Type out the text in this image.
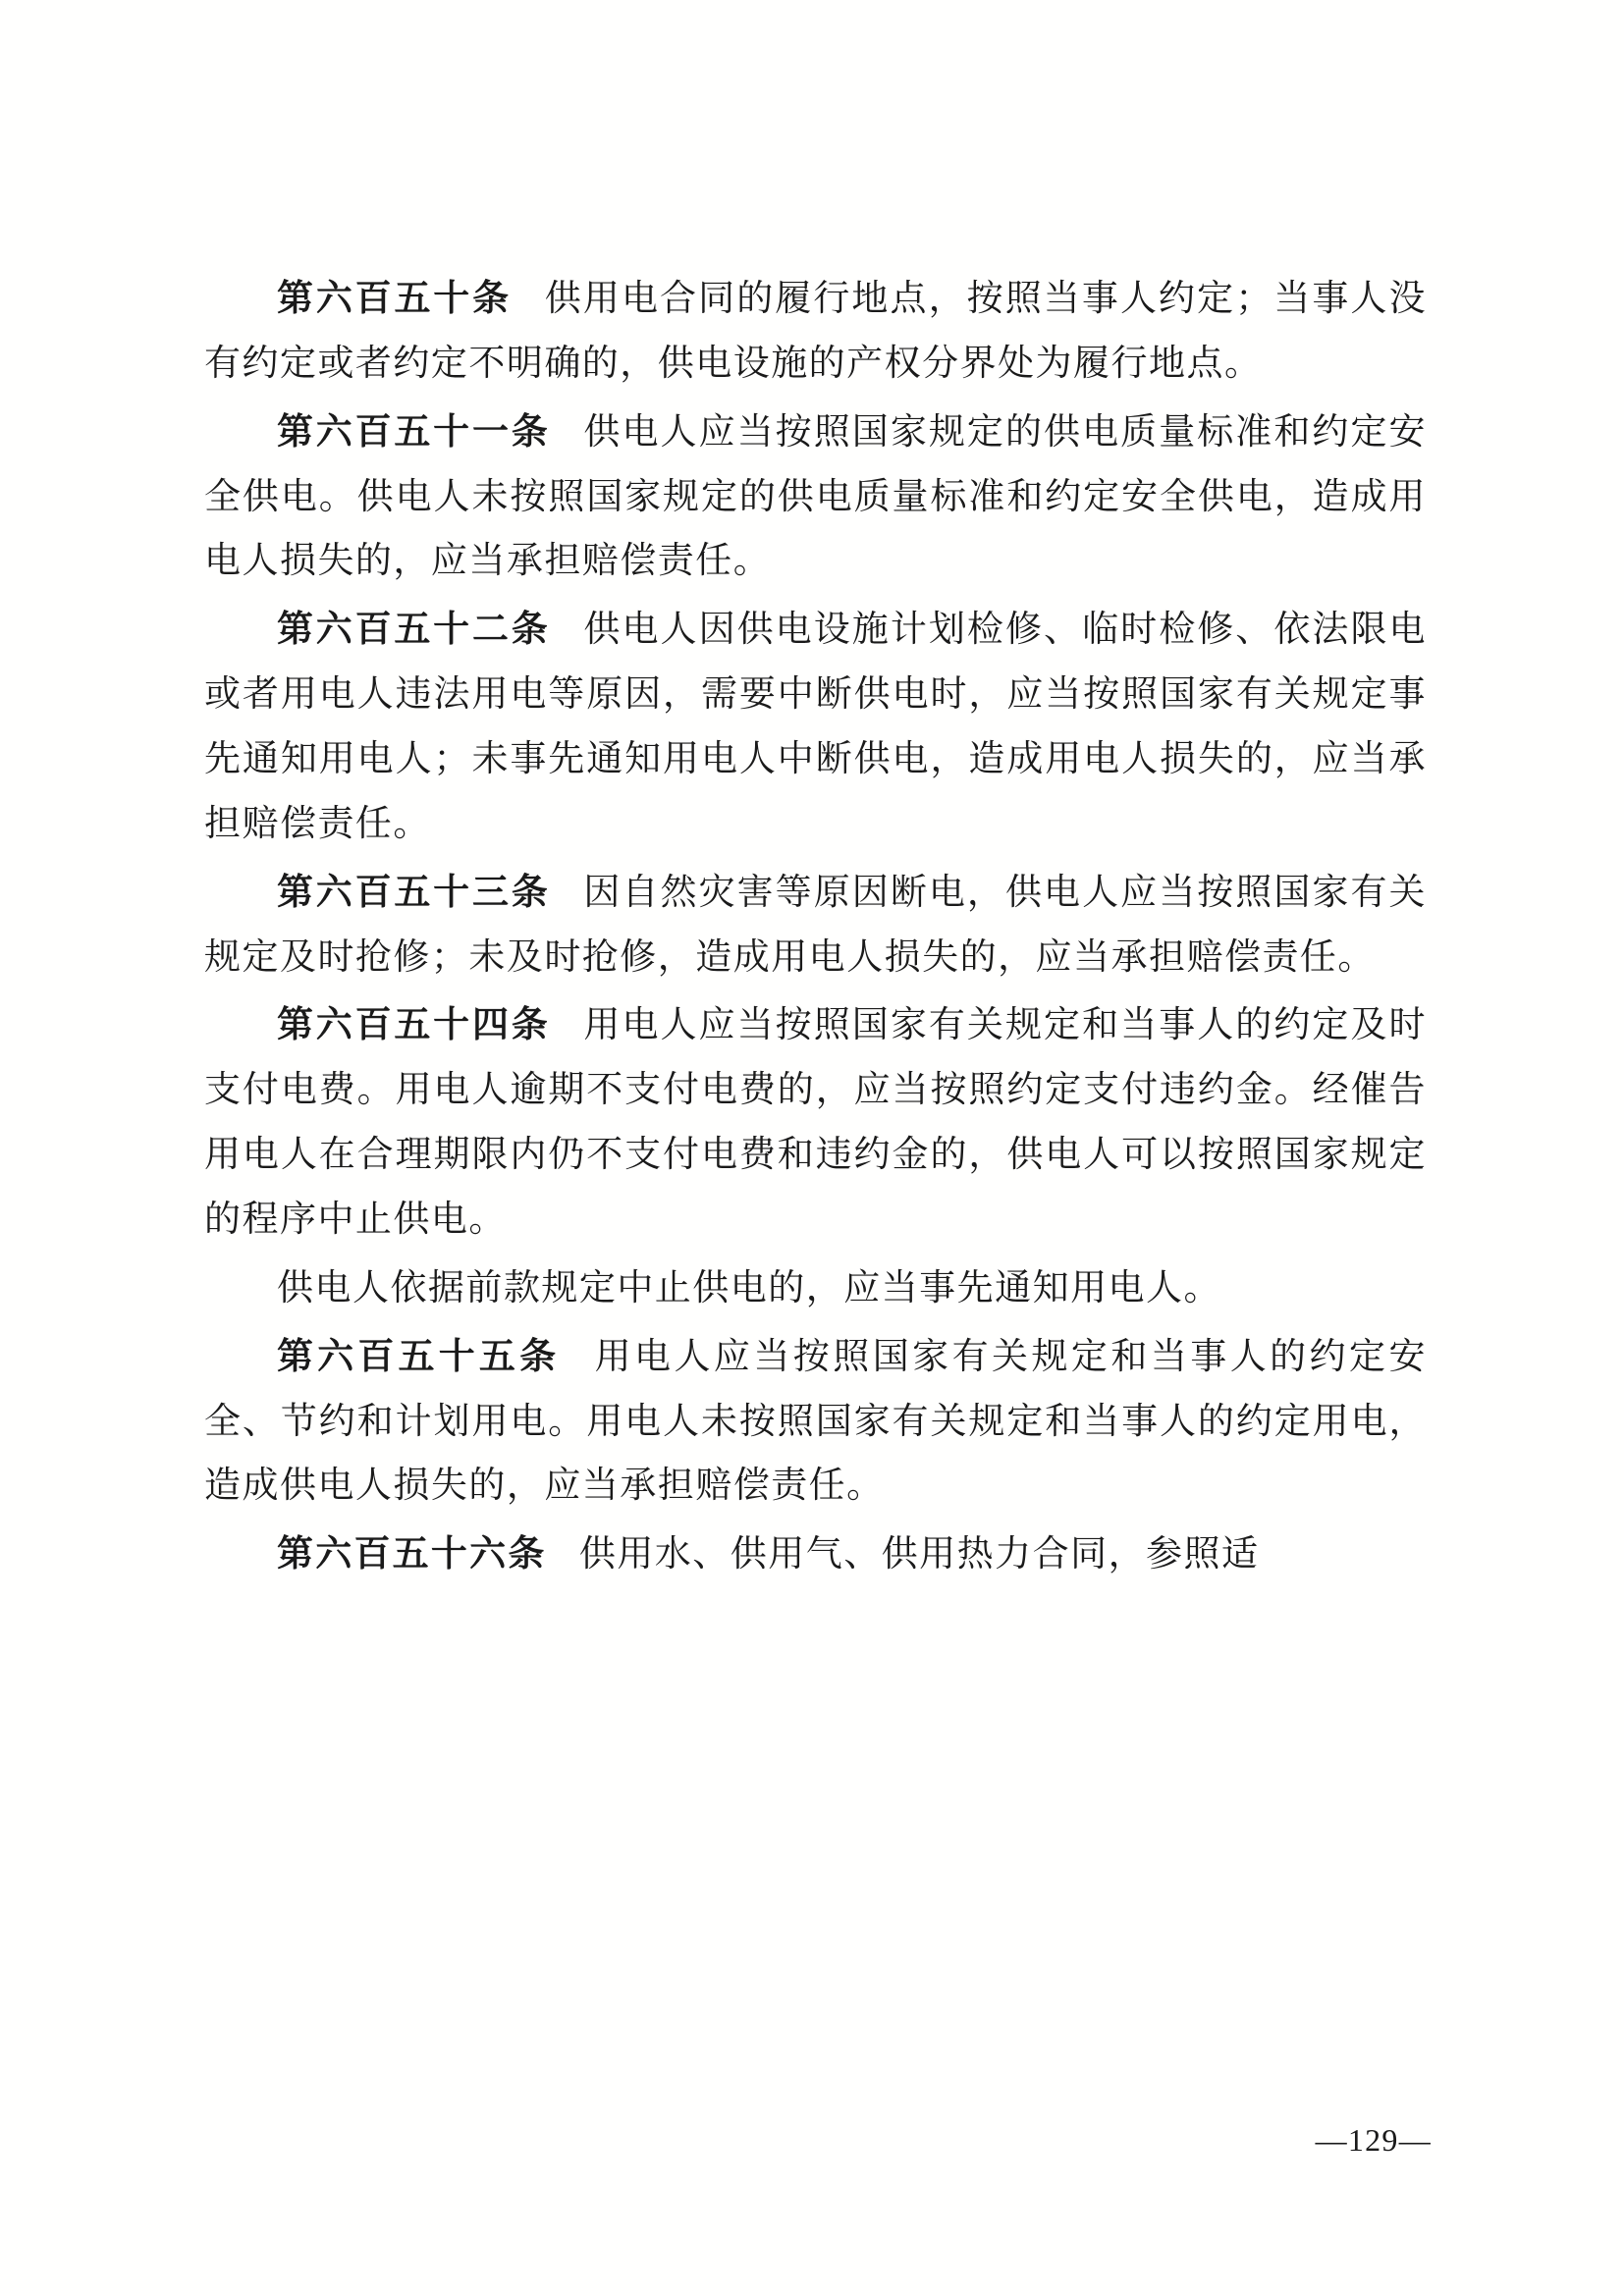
第六百五十条 供用电合同的履行地点，按照当事人约定；当事人没有约定或者约定不明确的，供电设施的产权分界处为履行地点。

第六百五十一条 供电人应当按照国家规定的供电质量标准和约定安全供电。供电人未按照国家规定的供电质量标准和约定安全供电，造成用电人损失的，应当承担赔偿责任。

第六百五十二条 供电人因供电设施计划检修、临时检修、依法限电或者用电人违法用电等原因，需要中断供电时，应当按照国家有关规定事先通知用电人；未事先通知用电人中断供电，造成用电人损失的，应当承担赔偿责任。

第六百五十三条 因自然灾害等原因断电，供电人应当按照国家有关规定及时抢修；未及时抢修，造成用电人损失的，应当承担赔偿责任。

第六百五十四条 用电人应当按照国家有关规定和当事人的约定及时支付电费。用电人逾期不支付电费的，应当按照约定支付违约金。经催告用电人在合理期限内仍不支付电费和违约金的，供电人可以按照国家规定的程序中止供电。

供电人依据前款规定中止供电的，应当事先通知用电人。

第六百五十五条 用电人应当按照国家有关规定和当事人的约定安全、节约和计划用电。用电人未按照国家有关规定和当事人的约定用电，造成供电人损失的，应当承担赔偿责任。

第六百五十六条 供用水、供用气、供用热力合同，参照适

—129—
